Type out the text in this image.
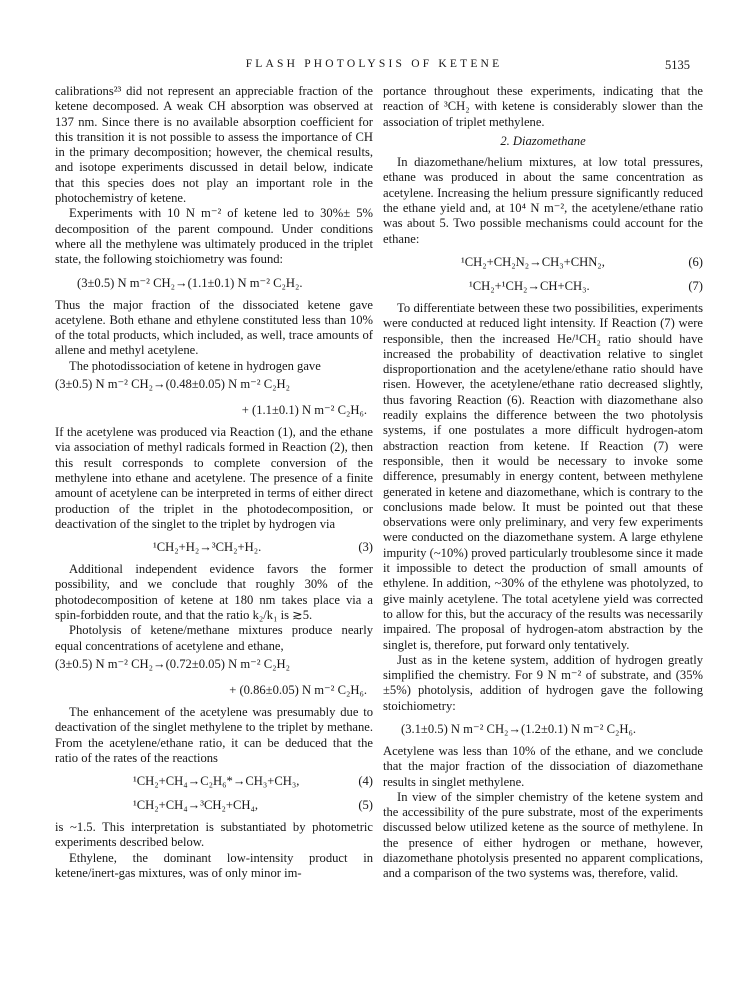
FLASH PHOTOLYSIS OF KETENE	5135

calibrations²³ did not represent an appreciable fraction of the ketene decomposed. A weak CH absorption was observed at 137 nm. Since there is no available absorption coefficient for this transition it is not possible to assess the importance of CH in the primary decomposition; however, the chemical results, and isotope experiments discussed in detail below, indicate that this species does not play an important role in the photochemistry of ketene.

Experiments with 10 N m⁻² of ketene led to 30%± 5% decomposition of the parent compound. Under conditions where all the methylene was ultimately produced in the triplet state, the following stoichiometry was found:

(3±0.5) N m⁻² CH₂→(1.1±0.1) N m⁻² C₂H₂.

Thus the major fraction of the dissociated ketene gave acetylene. Both ethane and ethylene constituted less than 10% of the total products, which included, as well, trace amounts of allene and methyl acetylene.

The photodissociation of ketene in hydrogen gave

(3±0.5) N m⁻² CH₂→(0.48±0.05) N m⁻² C₂H₂
+ (1.1±0.1) N m⁻² C₂H₆.

If the acetylene was produced via Reaction (1), and the ethane via association of methyl radicals formed in Reaction (2), then this result corresponds to complete conversion of the methylene into ethane and acetylene. The presence of a finite amount of acetylene can be interpreted in terms of either direct production of the triplet in the photodecomposition, or deactivation of the singlet to the triplet by hydrogen via

¹CH₂+H₂→³CH₂+H₂.	(3)

Additional independent evidence favors the former possibility, and we conclude that roughly 30% of the photodecomposition of ketene at 180 nm takes place via a spin-forbidden route, and that the ratio k₂/k₁ is ≳5.

Photolysis of ketene/methane mixtures produce nearly equal concentrations of acetylene and ethane,

(3±0.5) N m⁻² CH₂→(0.72±0.05) N m⁻² C₂H₂
+ (0.86±0.05) N m⁻² C₂H₆.

The enhancement of the acetylene was presumably due to deactivation of the singlet methylene to the triplet by methane. From the acetylene/ethane ratio, it can be deduced that the ratio of the rates of the reactions

¹CH₂+CH₄→C₂H₆*→CH₃+CH₃,	(4)
¹CH₂+CH₄→³CH₂+CH₄,	(5)

is ~1.5. This interpretation is substantiated by photometric experiments described below.

Ethylene, the dominant low-intensity product in ketene/inert-gas mixtures, was of only minor im-

portance throughout these experiments, indicating that the reaction of ³CH₂ with ketene is considerably slower than the association of triplet methylene.

2. Diazomethane

In diazomethane/helium mixtures, at low total pressures, ethane was produced in about the same concentration as acetylene. Increasing the helium pressure significantly reduced the ethane yield and, at 10⁴ N m⁻², the acetylene/ethane ratio was about 5. Two possible mechanisms could account for the ethane:

¹CH₂+CH₂N₂→CH₃+CHN₂,	(6)
¹CH₂+¹CH₂→CH+CH₃.	(7)

To differentiate between these two possibilities, experiments were conducted at reduced light intensity. If Reaction (7) were responsible, then the increased He/¹CH₂ ratio should have increased the probability of deactivation relative to singlet disproportionation and the acetylene/ethane ratio should have risen. However, the acetylene/ethane ratio decreased slightly, thus favoring Reaction (6). Reaction with diazomethane also readily explains the difference between the two photolysis systems, if one postulates a more difficult hydrogen-atom abstraction reaction from ketene. If Reaction (7) were responsible, then it would be necessary to invoke some difference, presumably in energy content, between methylene generated in ketene and diazomethane, which is contrary to the conclusions made below. It must be pointed out that these observations were only preliminary, and very few experiments were conducted on the diazomethane system. A large ethylene impurity (~10%) proved particularly troublesome since it made it impossible to detect the production of small amounts of ethylene. In addition, ~30% of the ethylene was photolyzed, to give mainly acetylene. The total acetylene yield was corrected to allow for this, but the accuracy of the results was necessarily impaired. The proposal of hydrogen-atom abstraction by the singlet is, therefore, put forward only tentatively.

Just as in the ketene system, addition of hydrogen greatly simplified the chemistry. For 9 N m⁻² of substrate, and (35%±5%) photolysis, addition of hydrogen gave the following stoichiometry:

(3.1±0.5) N m⁻² CH₂→(1.2±0.1) N m⁻² C₂H₆.

Acetylene was less than 10% of the ethane, and we conclude that the major fraction of the dissociation of diazomethane results in singlet methylene.

In view of the simpler chemistry of the ketene system and the accessibility of the pure substrate, most of the experiments discussed below utilized ketene as the source of methylene. In the presence of either hydrogen or methane, however, diazomethane photolysis presented no apparent complications, and a comparison of the two systems was, therefore, valid.
